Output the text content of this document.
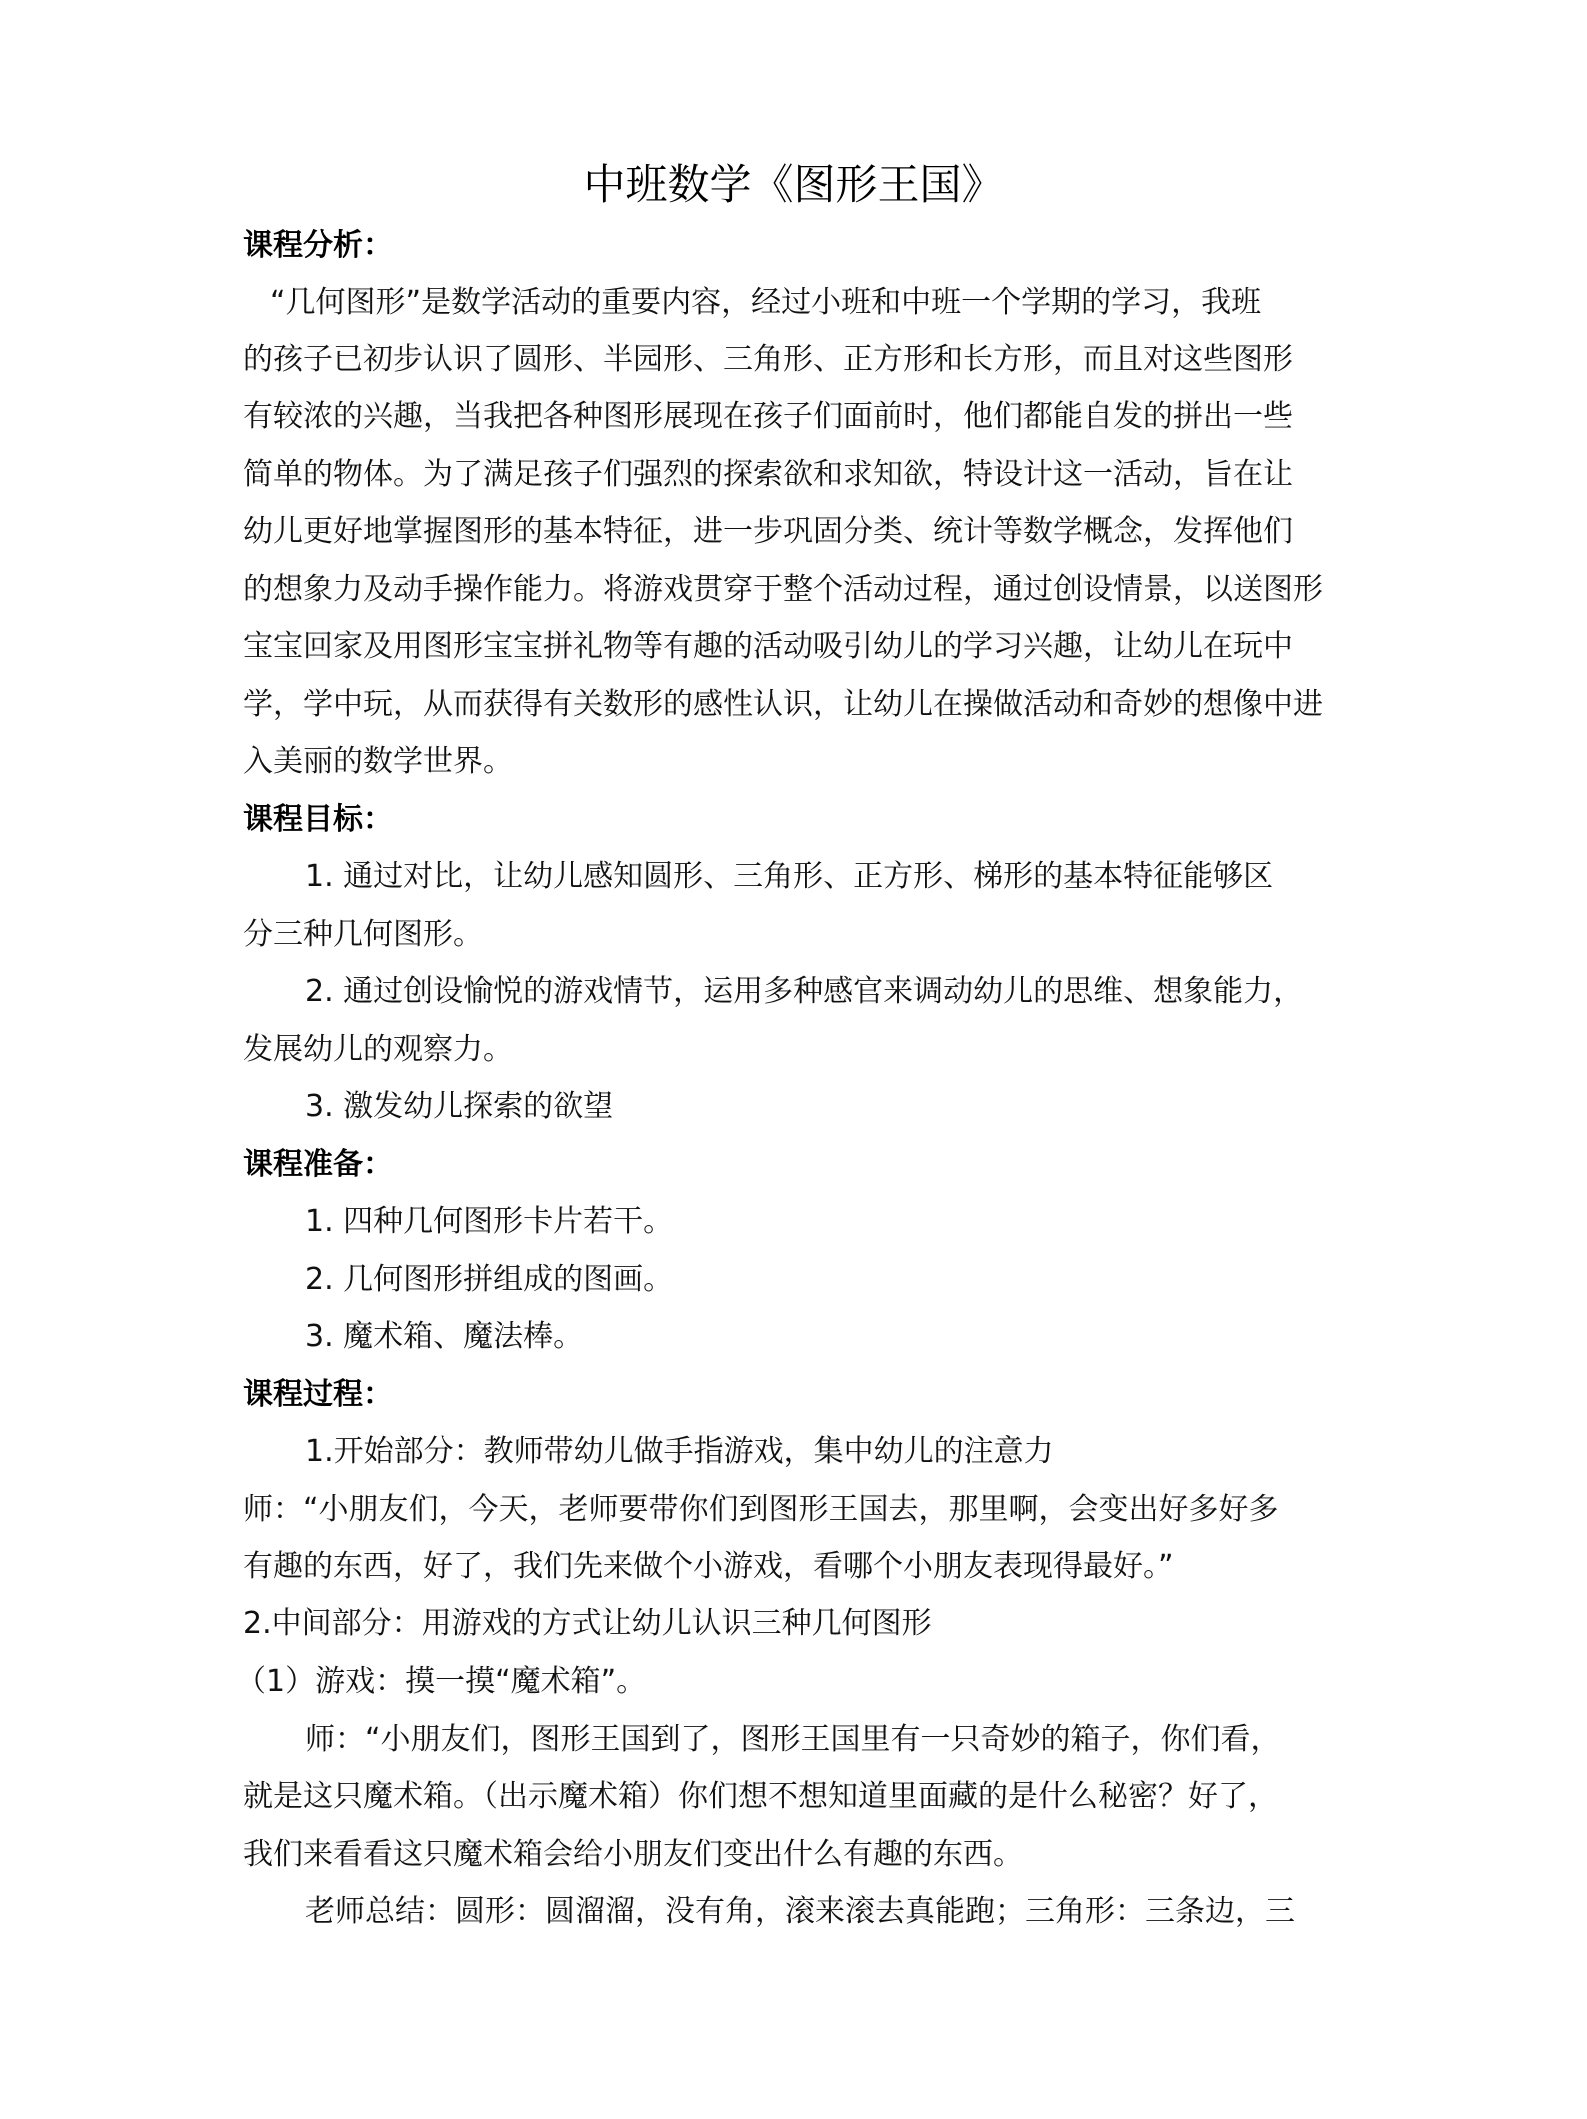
中班数学《图形王国》
课程分析：
“几何图形”是数学活动的重要内容，经过小班和中班一个学期的学习，我班
的孩子已初步认识了圆形、半园形、三角形、正方形和长方形，而且对这些图形
有较浓的兴趣，当我把各种图形展现在孩子们面前时，他们都能自发的拼出一些
简单的物体。为了满足孩子们强烈的探索欲和求知欲，特设计这一活动，旨在让
幼儿更好地掌握图形的基本特征，进一步巩固分类、统计等数学概念，发挥他们
的想象力及动手操作能力。将游戏贯穿于整个活动过程，通过创设情景，以送图形
宝宝回家及用图形宝宝拼礼物等有趣的活动吸引幼儿的学习兴趣，让幼儿在玩中
学，学中玩，从而获得有关数形的感性认识，让幼儿在操做活动和奇妙的想像中进
入美丽的数学世界。
课程目标：
1. 通过对比，让幼儿感知圆形、三角形、正方形、梯形的基本特征能够区
分三种几何图形。
2. 通过创设愉悦的游戏情节，运用多种感官来调动幼儿的思维、想象能力，
发展幼儿的观察力。
3. 激发幼儿探索的欲望
课程准备：
1. 四种几何图形卡片若干。
2. 几何图形拼组成的图画。
3. 魔术箱、魔法棒。
课程过程：
1.开始部分：教师带幼儿做手指游戏，集中幼儿的注意力
师：“小朋友们，今天，老师要带你们到图形王国去，那里啊，会变出好多好多
有趣的东西，好了，我们先来做个小游戏，看哪个小朋友表现得最好。”
2.中间部分：用游戏的方式让幼儿认识三种几何图形
（1）游戏：摸一摸“魔术箱”。
师：“小朋友们，图形王国到了，图形王国里有一只奇妙的箱子，你们看，
就是这只魔术箱。（出示魔术箱）你们想不想知道里面藏的是什么秘密？好了，
我们来看看这只魔术箱会给小朋友们变出什么有趣的东西。
老师总结：圆形：圆溜溜，没有角，滚来滚去真能跑；三角形：三条边，三
